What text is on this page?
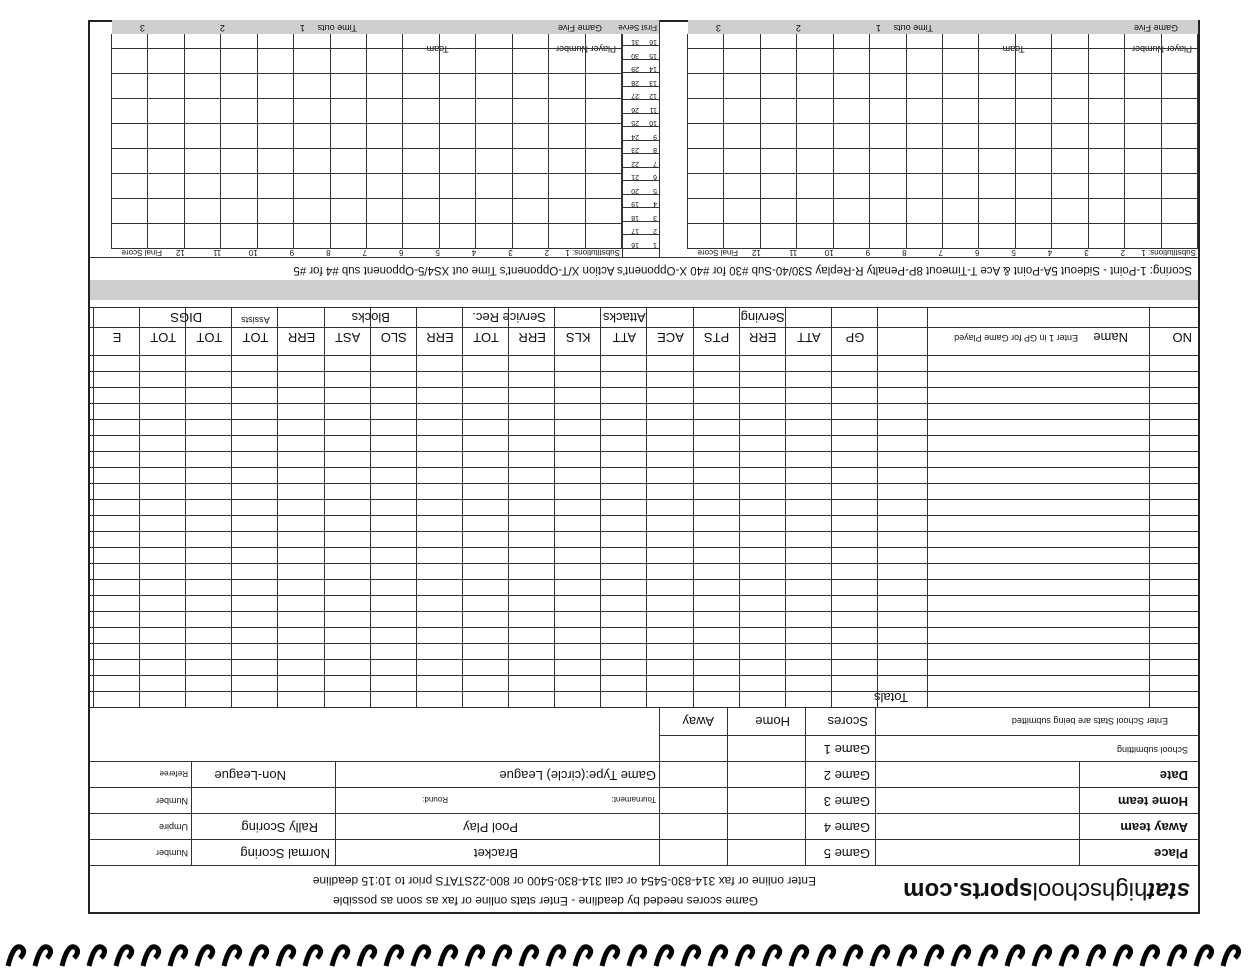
stathighschoolsports.com
Enter online or fax 314-830-5454 or call 314-830-5400 or 800-22STATS prior to 10:15 deadline
Game scores needed by deadline - Enter stats online or fax as soon as possible
Place
Away team
Home team
Date
School submitting
Enter School Stats are being submitted
Game 5
Game 4
Game 3
Game 2
Game 1
Scores
Home
Away
Bracket
Normal Scoring
Number
Pool Play
Rally Scoring
Umpire
Tournament:
Round:
Number
Game Type:(circle) League
Non-League
Referee
Totals
GP
ATT
ERR
PTS
ACE
ATT
KLS
ERR
TOT
ERR
SLO
AST
ERR
TOT
TOT
TOT
E	NO
Name
Enter 1 in GP for Game Played
Serving
Attacks
Service Rec.
Blocks
Assists
DIGS
Scoring: 1-Point - Sideout 5A-Point & Ace T-Timeout 8P-Penalty R-Replay S30/40-Sub #30 for #40 X-Opponent's Action X/T-Opponent's Time out XS4/5-Opponent sub #4 for #5
Game Five
Time outs
1
2
3
Player Number
Team
Substitutions: 1
2
3
4
5
6
7
8
9
10
11
12
Final Score
Game Five
Time outs
1
2
3
Player Number
Team
Substitutions: 1
2
3
4
5
6
7
8
9
10
11
12
Final Score
First Serve
1
16
2
17
3
18
4
19
5
20
6
21
7
22
8
23
9
24
10
25
11
26
12
27
13
28
14
29
15
30
16
31
